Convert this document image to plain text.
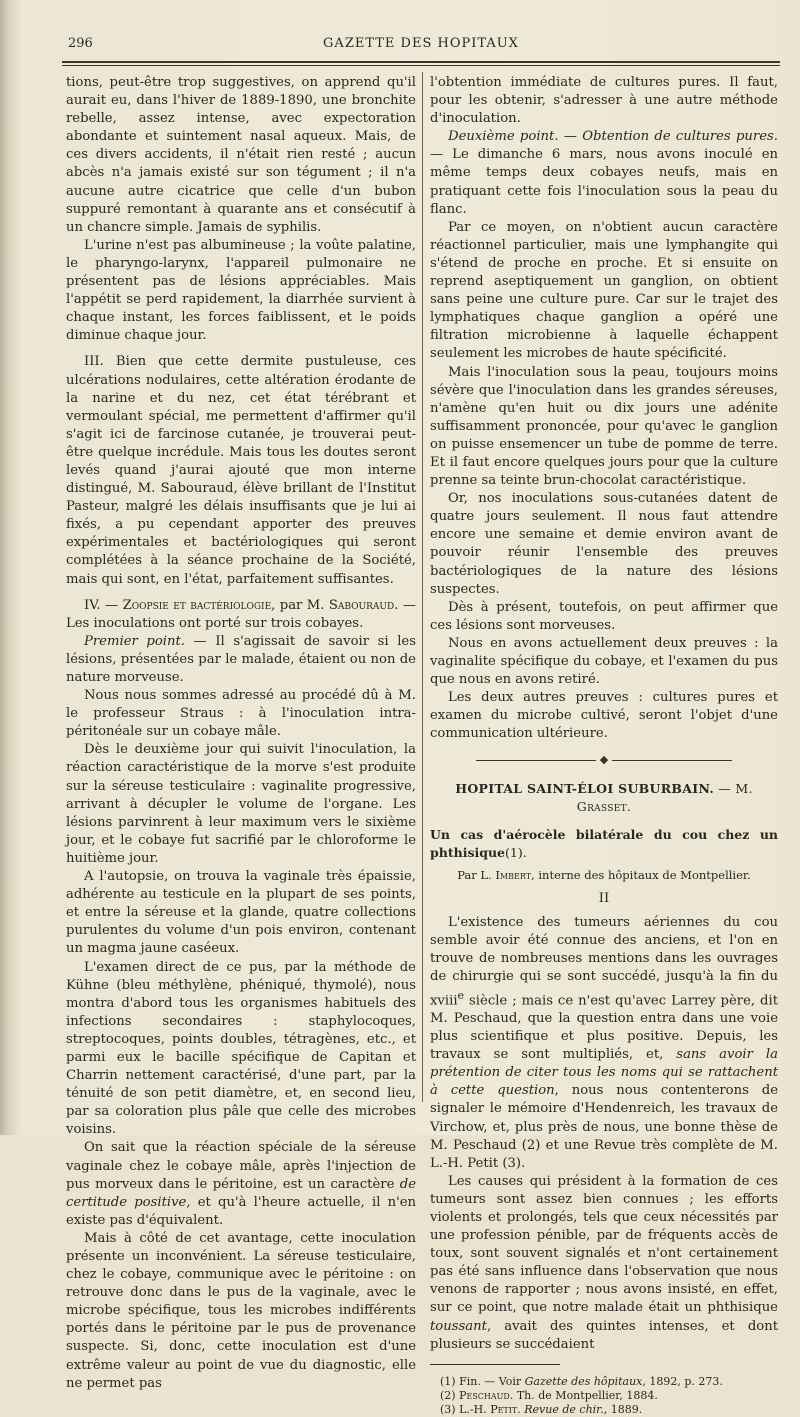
296	GAZETTE DES HOPITAUX

tions, peut-être trop suggestives, on apprend qu'il aurait eu, dans l'hiver de 1889-1890, une bronchite rebelle, assez intense, avec expectoration abondante et suintement nasal aqueux. Mais, de ces divers accidents, il n'était rien resté ; aucun abcès n'a jamais existé sur son tégument ; il n'a aucune autre cicatrice que celle d'un bubon suppuré remontant à quarante ans et consécutif à un chancre simple. Jamais de syphilis.

L'urine n'est pas albumineuse ; la voûte palatine, le pharyngo-larynx, l'appareil pulmonaire ne présentent pas de lésions appréciables. Mais l'appétit se perd rapidement, la diarrhée survient à chaque instant, les forces faiblissent, et le poids diminue chaque jour.

III. Bien que cette dermite pustuleuse, ces ulcérations nodulaires, cette altération érodante de la narine et du nez, cet état térébrant et vermoulant spécial, me permettent d'affirmer qu'il s'agit ici de farcinose cutanée, je trouverai peut-être quelque incrédule. Mais tous les doutes seront levés quand j'aurai ajouté que mon interne distingué, M. Sabouraud, élève brillant de l'Institut Pasteur, malgré les délais insuffisants que je lui ai fixés, a pu cependant apporter des preuves expérimentales et bactériologiques qui seront complétées à la séance prochaine de la Société, mais qui sont, en l'état, parfaitement suffisantes.

IV. — Zoopsie et bactériologie, par M. Sabouraud. — Les inoculations ont porté sur trois cobayes.

Premier point. — Il s'agissait de savoir si les lésions, présentées par le malade, étaient ou non de nature morveuse.

Nous nous sommes adressé au procédé dû à M. le professeur Straus : à l'inoculation intra-péritonéale sur un cobaye mâle.

Dès le deuxième jour qui suivit l'inoculation, la réaction caractéristique de la morve s'est produite sur la séreuse testiculaire : vaginalite progressive, arrivant à décupler le volume de l'organe. Les lésions parvinrent à leur maximum vers le sixième jour, et le cobaye fut sacrifié par le chloroforme le huitième jour.

A l'autopsie, on trouva la vaginale très épaissie, adhérente au testicule en la plupart de ses points, et entre la séreuse et la glande, quatre collections purulentes du volume d'un pois environ, contenant un magma jaune caséeux.

L'examen direct de ce pus, par la méthode de Kühne (bleu méthylène, phéniqué, thymolé), nous montra d'abord tous les organismes habituels des infections secondaires : staphylocoques, streptocoques, points doubles, tétragènes, etc., et parmi eux le bacille spécifique de Capitan et Charrin nettement caractérisé, d'une part, par la ténuité de son petit diamètre, et, en second lieu, par sa coloration plus pâle que celle des microbes voisins.

On sait que la réaction spéciale de la séreuse vaginale chez le cobaye mâle, après l'injection de pus morveux dans le péritoine, est un caractère de certitude positive, et qu'à l'heure actuelle, il n'en existe pas d'équivalent.

Mais à côté de cet avantage, cette inoculation présente un inconvénient. La séreuse testiculaire, chez le cobaye, communique avec le péritoine : on retrouve donc dans le pus de la vaginale, avec le microbe spécifique, tous les microbes indifférents portés dans le péritoine par le pus de provenance suspecte. Si, donc, cette inoculation est d'une extrême valeur au point de vue du diagnostic, elle ne permet pas

l'obtention immédiate de cultures pures. Il faut, pour les obtenir, s'adresser à une autre méthode d'inoculation.

Deuxième point. — Obtention de cultures pures. — Le dimanche 6 mars, nous avons inoculé en même temps deux cobayes neufs, mais en pratiquant cette fois l'inoculation sous la peau du flanc.

Par ce moyen, on n'obtient aucun caractère réactionnel particulier, mais une lymphangite qui s'étend de proche en proche. Et si ensuite on reprend aseptiquement un ganglion, on obtient sans peine une culture pure. Car sur le trajet des lymphatiques chaque ganglion a opéré une filtration microbienne à laquelle échappent seulement les microbes de haute spécificité.

Mais l'inoculation sous la peau, toujours moins sévère que l'inoculation dans les grandes séreuses, n'amène qu'en huit ou dix jours une adénite suffisamment prononcée, pour qu'avec le ganglion on puisse ensemencer un tube de pomme de terre. Et il faut encore quelques jours pour que la culture prenne sa teinte brun-chocolat caractéristique.

Or, nos inoculations sous-cutanées datent de quatre jours seulement. Il nous faut attendre encore une semaine et demie environ avant de pouvoir réunir l'ensemble des preuves bactériologiques de la nature des lésions suspectes.

Dès à présent, toutefois, on peut affirmer que ces lésions sont morveuses.

Nous en avons actuellement deux preuves : la vaginalite spécifique du cobaye, et l'examen du pus que nous en avons retiré.

Les deux autres preuves : cultures pures et examen du microbe cultivé, seront l'objet d'une communication ultérieure.

◆
HOPITAL SAINT-ÉLOI SUBURBAIN. — M. Grasset.

Un cas d'aérocèle bilatérale du cou chez un phthisique(1).

Par L. Imbert, interne des hôpitaux de Montpellier.

II

L'existence des tumeurs aériennes du cou semble avoir été connue des anciens, et l'on en trouve de nombreuses mentions dans les ouvrages de chirurgie qui se sont succédé, jusqu'à la fin du xviii$^e$ siècle ; mais ce n'est qu'avec Larrey père, dit M. Peschaud, que la question entra dans une voie plus scientifique et plus positive. Depuis, les travaux se sont multipliés, et, sans avoir la prétention de citer tous les noms qui se rattachent à cette question, nous nous contenterons de signaler le mémoire d'Hendenreich, les travaux de Virchow, et, plus près de nous, une bonne thèse de M. Peschaud (2) et une Revue très complète de M. L.-H. Petit (3).

Les causes qui président à la formation de ces tumeurs sont assez bien connues ; les efforts violents et prolongés, tels que ceux nécessités par une profession pénible, par de fréquents accès de toux, sont souvent signalés et n'ont certainement pas été sans influence dans l'observation que nous venons de rapporter ; nous avons insisté, en effet, sur ce point, que notre malade était un phthisique toussant, avait des quintes intenses, et dont plusieurs se succédaient

(1) Fin. — Voir Gazette des hôpitaux, 1892, p. 273.

(2) Peschaud. Th. de Montpellier, 1884.

(3) L.-H. Petit. Revue de chir., 1889.
